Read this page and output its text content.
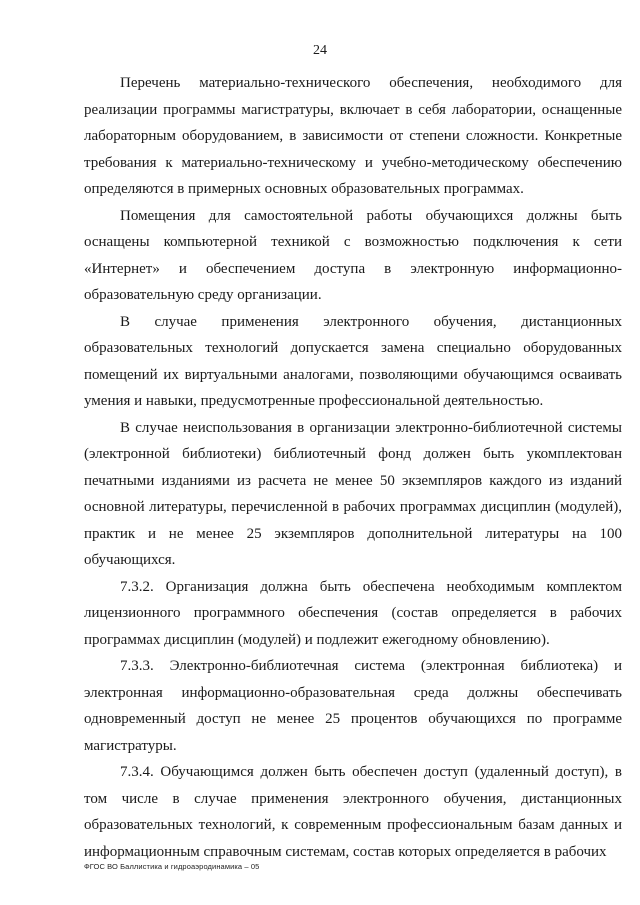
24

Перечень материально-технического обеспечения, необходимого для реализации программы магистратуры, включает в себя лаборатории, оснащенные лабораторным оборудованием, в зависимости от степени сложности. Конкретные требования к материально-техническому и учебно-методическому обеспечению определяются в примерных основных образовательных программах.

Помещения для самостоятельной работы обучающихся должны быть оснащены компьютерной техникой с возможностью подключения к сети «Интернет» и обеспечением доступа в электронную информационно-образовательную среду организации.

В случае применения электронного обучения, дистанционных образовательных технологий допускается замена специально оборудованных помещений их виртуальными аналогами, позволяющими обучающимся осваивать умения и навыки, предусмотренные профессиональной деятельностью.

В случае неиспользования в организации электронно-библиотечной системы (электронной библиотеки) библиотечный фонд должен быть укомплектован печатными изданиями из расчета не менее 50 экземпляров каждого из изданий основной литературы, перечисленной в рабочих программах дисциплин (модулей), практик и не менее 25 экземпляров дополнительной литературы на 100 обучающихся.

7.3.2. Организация должна быть обеспечена необходимым комплектом лицензионного программного обеспечения (состав определяется в рабочих программах дисциплин (модулей) и подлежит ежегодному обновлению).

7.3.3. Электронно-библиотечная система (электронная библиотека) и электронная информационно-образовательная среда должны обеспечивать одновременный доступ не менее 25 процентов обучающихся по программе магистратуры.

7.3.4. Обучающимся должен быть обеспечен доступ (удаленный доступ), в том числе в случае применения электронного обучения, дистанционных образовательных технологий, к современным профессиональным базам данных и информационным справочным системам, состав которых определяется в рабочих

ФГОС ВО Баллистика и гидроаэродинамика – 05
